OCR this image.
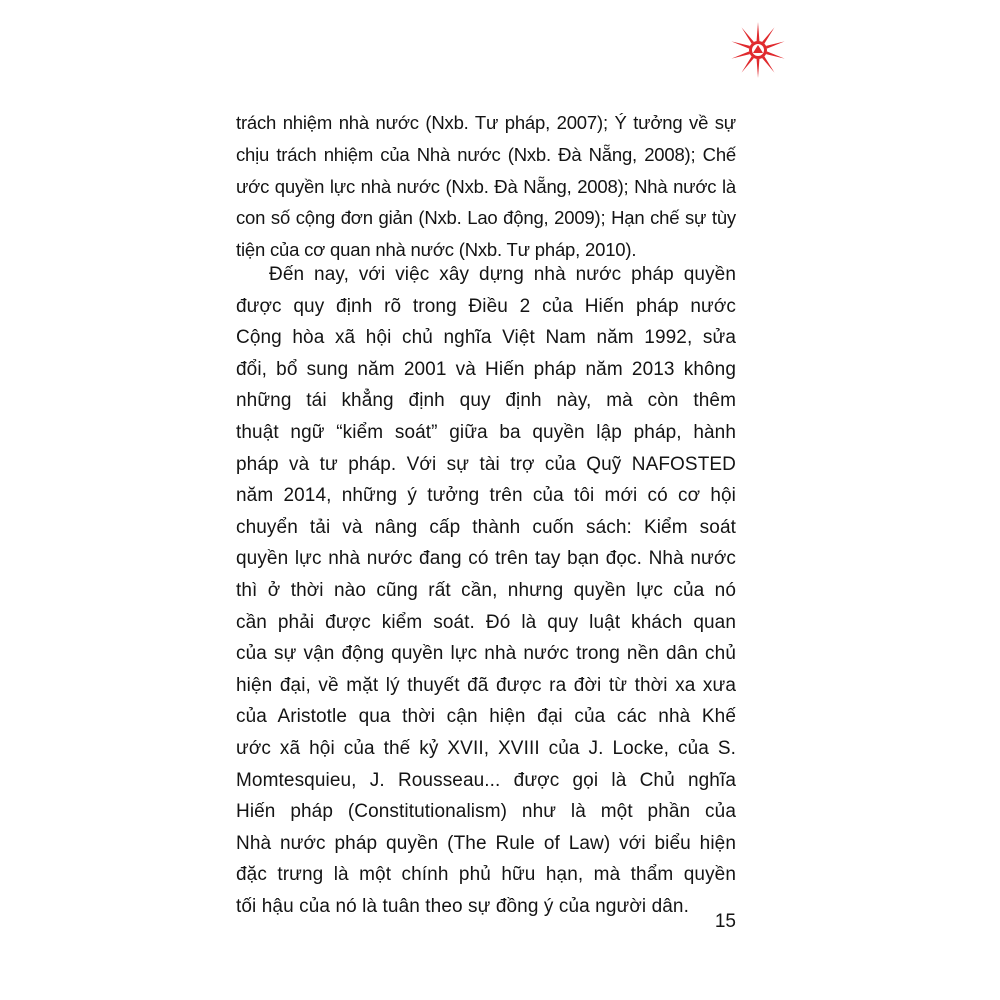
trách nhiệm nhà nước (Nxb. Tư pháp, 2007); Ý tưởng về sự
chịu trách nhiệm của Nhà nước (Nxb. Đà Nẵng, 2008); Chế
ước quyền lực nhà nước (Nxb. Đà Nẵng, 2008); Nhà nước là
con số cộng đơn giản (Nxb. Lao động, 2009); Hạn chế sự tùy
tiện của cơ quan nhà nước (Nxb. Tư pháp, 2010).
Đến nay, với việc xây dựng nhà nước pháp quyền
được quy định rõ trong Điều 2 của Hiến pháp nước
Cộng hòa xã hội chủ nghĩa Việt Nam năm 1992, sửa
đổi, bổ sung năm 2001 và Hiến pháp năm 2013 không
những tái khẳng định quy định này, mà còn thêm
thuật ngữ “kiểm soát” giữa ba quyền lập pháp, hành
pháp và tư pháp. Với sự tài trợ của Quỹ NAFOSTED
năm 2014, những ý tưởng trên của tôi mới có cơ hội
chuyển tải và nâng cấp thành cuốn sách: Kiểm soát
quyền lực nhà nước đang có trên tay bạn đọc. Nhà nước
thì ở thời nào cũng rất cần, nhưng quyền lực của nó
cần phải được kiểm soát. Đó là quy luật khách quan
của sự vận động quyền lực nhà nước trong nền dân chủ
hiện đại, về mặt lý thuyết đã được ra đời từ thời xa xưa
của Aristotle qua thời cận hiện đại của các nhà Khế
ước xã hội của thế kỷ XVII, XVIII của J. Locke, của S.
Momtesquieu, J. Rousseau... được gọi là Chủ nghĩa
Hiến pháp (Constitutionalism) như là một phần của
Nhà nước pháp quyền (The Rule of Law) với biểu hiện
đặc trưng là một chính phủ hữu hạn, mà thẩm quyền
tối hậu của nó là tuân theo sự đồng ý của người dân.
15
